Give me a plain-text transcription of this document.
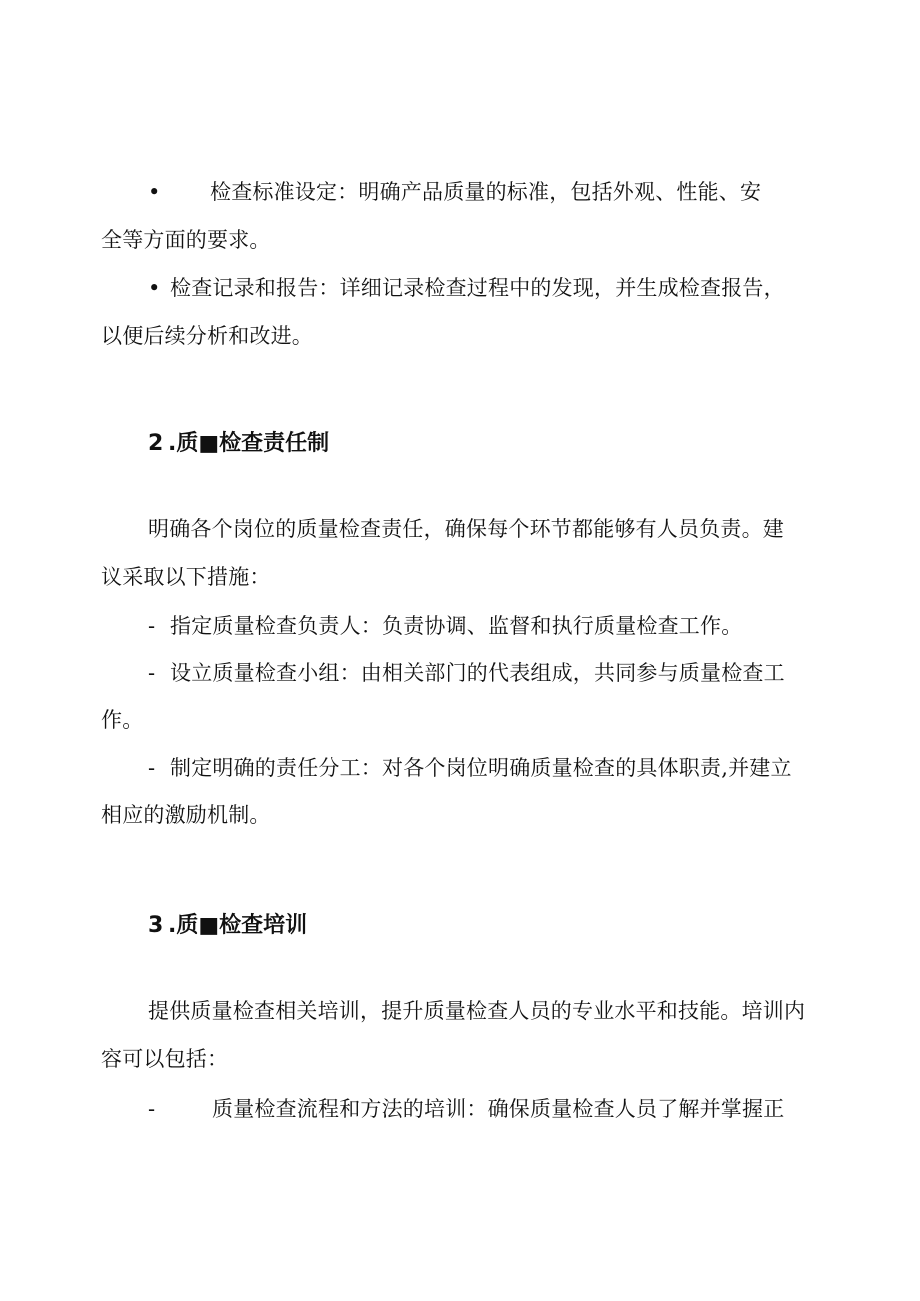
• 检查标准设定：明确产品质量的标准，包括外观、性能、安
全等方面的要求。
• 检查记录和报告：详细记录检查过程中的发现，并生成检查报告，
以便后续分析和改进。
2 .质■检查责任制
明确各个岗位的质量检查责任，确保每个环节都能够有人员负责。建
议采取以下措施：
- 指定质量检查负责人：负责协调、监督和执行质量检查工作。
- 设立质量检查小组：由相关部门的代表组成，共同参与质量检查工
作。
- 制定明确的责任分工：对各个岗位明确质量检查的具体职责,并建立
相应的激励机制。
3 .质■检查培训
提供质量检查相关培训，提升质量检查人员的专业水平和技能。培训内
容可以包括：
-	质量检查流程和方法的培训：确保质量检查人员了解并掌握正
